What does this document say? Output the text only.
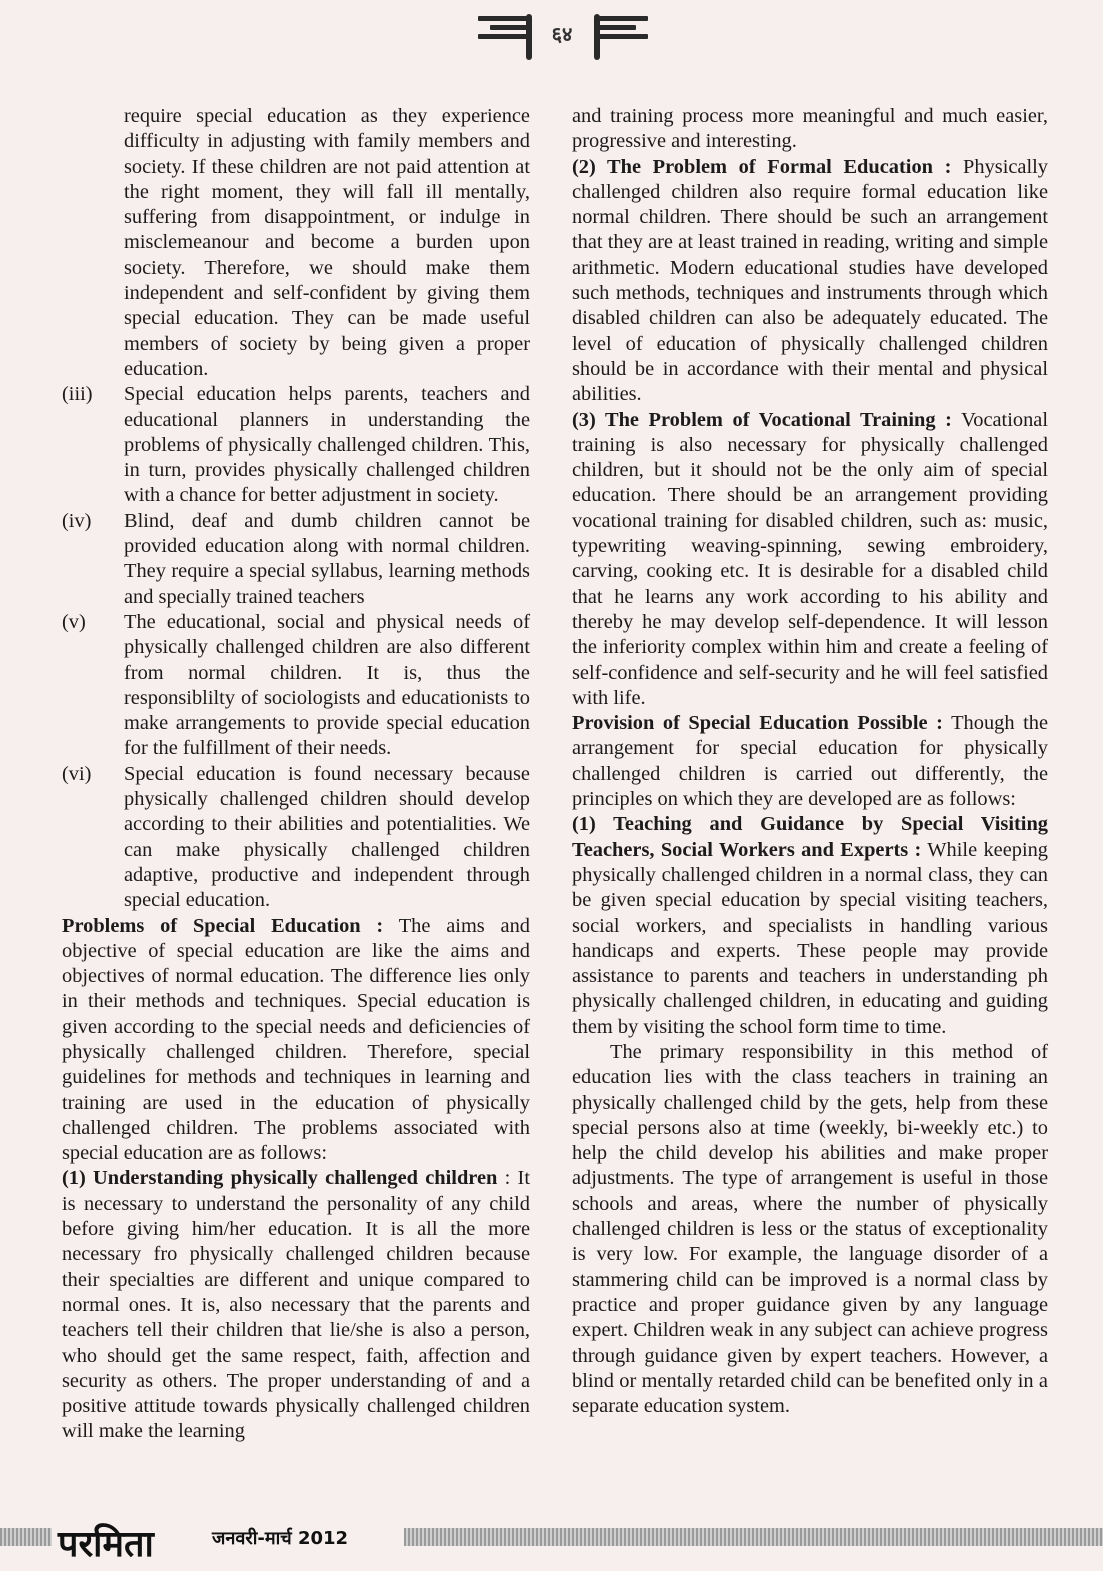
६४

require special education as they experience difficulty in adjusting with family members and society. If these children are not paid attention at the right moment, they will fall ill mentally, suffering from disappointment, or indulge in misclemeanour and become a burden upon society. Therefore, we should make them independent and self-confident by giving them special education. They can be made useful members of society by being given a proper education.

(iii)	Special education helps parents, teachers and educational planners in understanding the problems of physically challenged children. This, in turn, provides physically challenged children with a chance for better adjustment in society.
(iv)	Blind, deaf and dumb children cannot be provided education along with normal children. They require a special syllabus, learning methods and specially trained teachers
(v)	The educational, social and physical needs of physically challenged children are also different from normal children. It is, thus the responsiblilty of sociologists and educationists to make arrangements to provide special education for the fulfillment of their needs.
(vi)	Special education is found necessary because physically challenged children should develop according to their abilities and potentialities. We can make physically challenged children adaptive, productive and independent through special education.

Problems of Special Education : The aims and objective of special education are like the aims and objectives of normal education. The difference lies only in their methods and techniques. Special education is given according to the special needs and deficiencies of physically challenged children. Therefore, special guidelines for methods and techniques in learning and training are used in the education of physically challenged children. The problems associated with special education are as follows:

(1) Understanding physically challenged children : It is necessary to understand the personality of any child before giving him/her education. It is all the more necessary fro physically challenged children because their specialties are different and unique compared to normal ones. It is, also necessary that the parents and teachers tell their children that lie/she is also a person, who should get the same respect, faith, affection and security as others. The proper understanding of and a positive attitude towards physically challenged children will make the learning

and training process more meaningful and much easier, progressive and interesting.

(2) The Problem of Formal Education : Physically challenged children also require formal education like normal children. There should be such an arrangement that they are at least trained in reading, writing and simple arithmetic. Modern educational studies have developed such methods, techniques and instruments through which disabled children can also be adequately educated. The level of education of physically challenged children should be in accordance with their mental and physical abilities.

(3) The Problem of Vocational Training : Vocational training is also necessary for physically challenged children, but it should not be the only aim of special education. There should be an arrangement providing vocational training for disabled children, such as: music, typewriting weaving-spinning, sewing embroidery, carving, cooking etc. It is desirable for a disabled child that he learns any work according to his ability and thereby he may develop self-dependence. It will lesson the inferiority complex within him and create a feeling of self-confidence and self-security and he will feel satisfied with life.

Provision of Special Education Possible : Though the arrangement for special education for physically challenged children is carried out differently, the principles on which they are developed are as follows:

(1) Teaching and Guidance by Special Visiting Teachers, Social Workers and Experts : While keeping physically challenged children in a normal class, they can be given special education by special visiting teachers, social workers, and specialists in handling various handicaps and experts. These people may provide assistance to parents and teachers in understanding ph physically challenged children, in educating and guiding them by visiting the school form time to time.

The primary responsibility in this method of education lies with the class teachers in training an physically challenged child by the gets, help from these special persons also at time (weekly, bi-weekly etc.) to help the child develop his abilities and make proper adjustments. The type of arrangement is useful in those schools and areas, where the number of physically challenged children is less or the status of exceptionality is very low. For example, the language disorder of a stammering child can be improved is a normal class by practice and proper guidance given by any language expert. Children weak in any subject can achieve progress through guidance given by expert teachers. However, a blind or mentally retarded child can be benefited only in a separate education system.

परमिता	जनवरी-मार्च 2012
